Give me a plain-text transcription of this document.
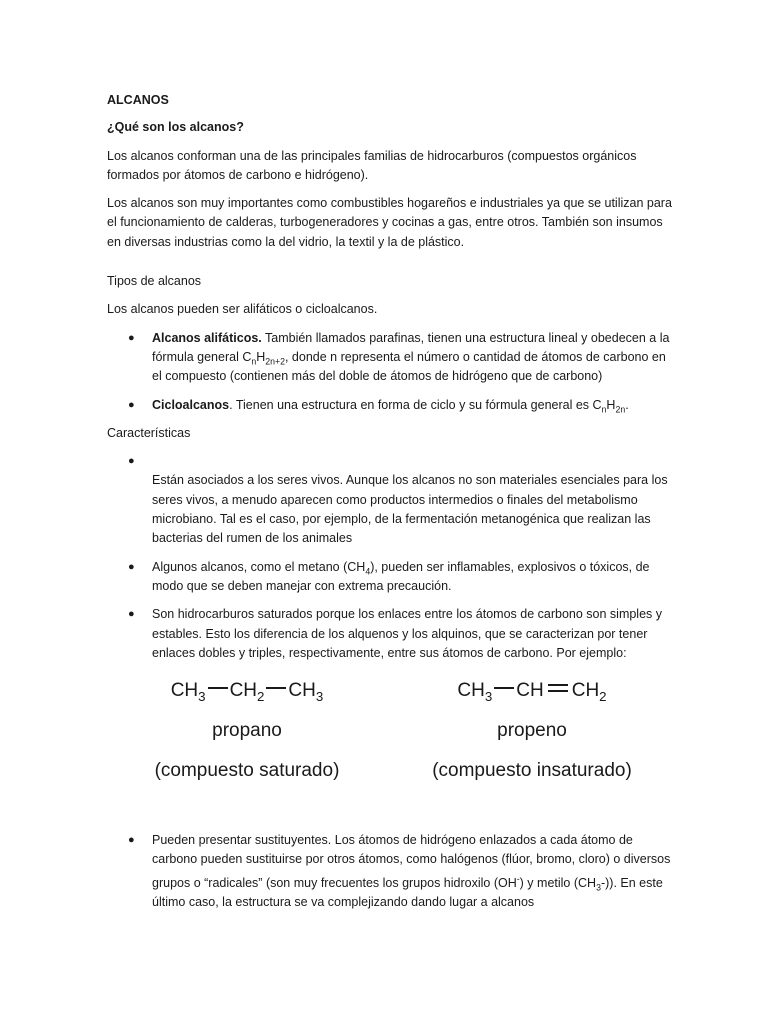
ALCANOS

¿Qué son los alcanos?

Los alcanos conforman una de las principales familias de hidrocarburos (compuestos orgánicos formados por átomos de carbono e hidrógeno).

Los alcanos son muy importantes como combustibles hogareños e industriales ya que se utilizan para el funcionamiento de calderas, turbogeneradores y cocinas a gas, entre otros. También son insumos en diversas industrias como la del vidrio, la textil y la de plástico.

Tipos de alcanos

Los alcanos pueden ser alifáticos o cicloalcanos.

● Alcanos alifáticos. También llamados parafinas, tienen una estructura lineal y obedecen a la fórmula general $C_nH_{2n+2}$, donde n representa el número o cantidad de átomos de carbono en el compuesto (contienen más del doble de átomos de hidrógeno que de carbono)
● Cicloalcanos. Tienen una estructura en forma de ciclo y su fórmula general es $C_nH_{2n}$.

Características

●

Están asociados a los seres vivos. Aunque los alcanos no son materiales esenciales para los seres vivos, a menudo aparecen como productos intermedios o finales del metabolismo microbiano. Tal es el caso, por ejemplo, de la fermentación metanogénica que realizan las bacterias del rumen de los animales
● Algunos alcanos, como el metano $(CH_4)$, pueden ser inflamables, explosivos o tóxicos, de modo que se deben manejar con extrema precaución.
● Son hidrocarburos saturados porque los enlaces entre los átomos de carbono son simples y estables. Esto los diferencia de los alquenos y los alquinos, que se caracterizan por tener enlaces dobles y triples, respectivamente, entre sus átomos de carbono. Por ejemplo:
$CH_3$ $CH_2$ $CH_3$
propano
(compuesto saturado)
$CH_3$ CH $CH_2$
propeno
(compuesto insaturado)
● Pueden presentar sustituyentes. Los átomos de hidrógeno enlazados a cada átomo de carbono pueden sustituirse por otros átomos, como halógenos (flúor, bromo, cloro) o diversos grupos o “radicales” (son muy frecuentes los grupos hidroxilo (OH-) y metilo $(CH_3-)$). En este último caso, la estructura se va complejizando dando lugar a alcanos
